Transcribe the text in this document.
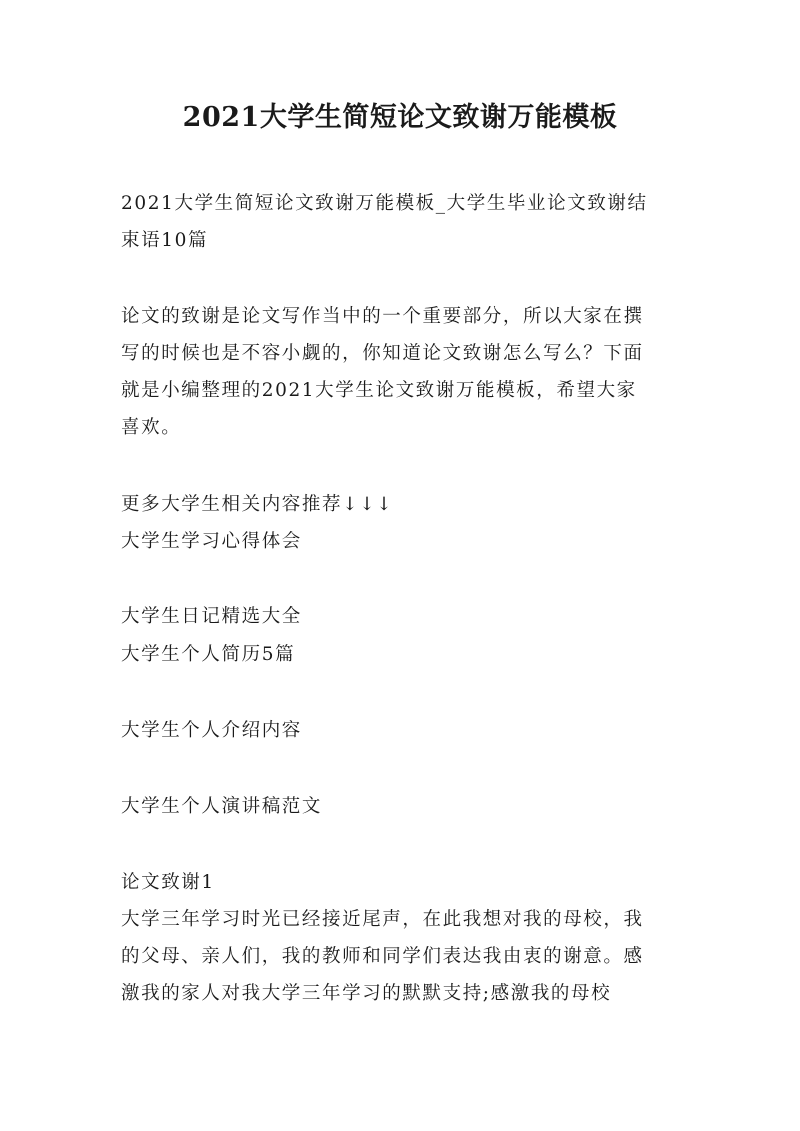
2021大学生简短论文致谢万能模板
2021大学生简短论文致谢万能模板_大学生毕业论文致谢结
束语10篇
论文的致谢是论文写作当中的一个重要部分，所以大家在撰
写的时候也是不容小觑的，你知道论文致谢怎么写么？下面
就是小编整理的2021大学生论文致谢万能模板，希望大家
喜欢。
更多大学生相关内容推荐↓↓↓
大学生学习心得体会
大学生日记精选大全
大学生个人简历5篇
大学生个人介绍内容
大学生个人演讲稿范文
论文致谢1
大学三年学习时光已经接近尾声，在此我想对我的母校，我
的父母、亲人们，我的教师和同学们表达我由衷的谢意。感
激我的家人对我大学三年学习的默默支持;感激我的母校
